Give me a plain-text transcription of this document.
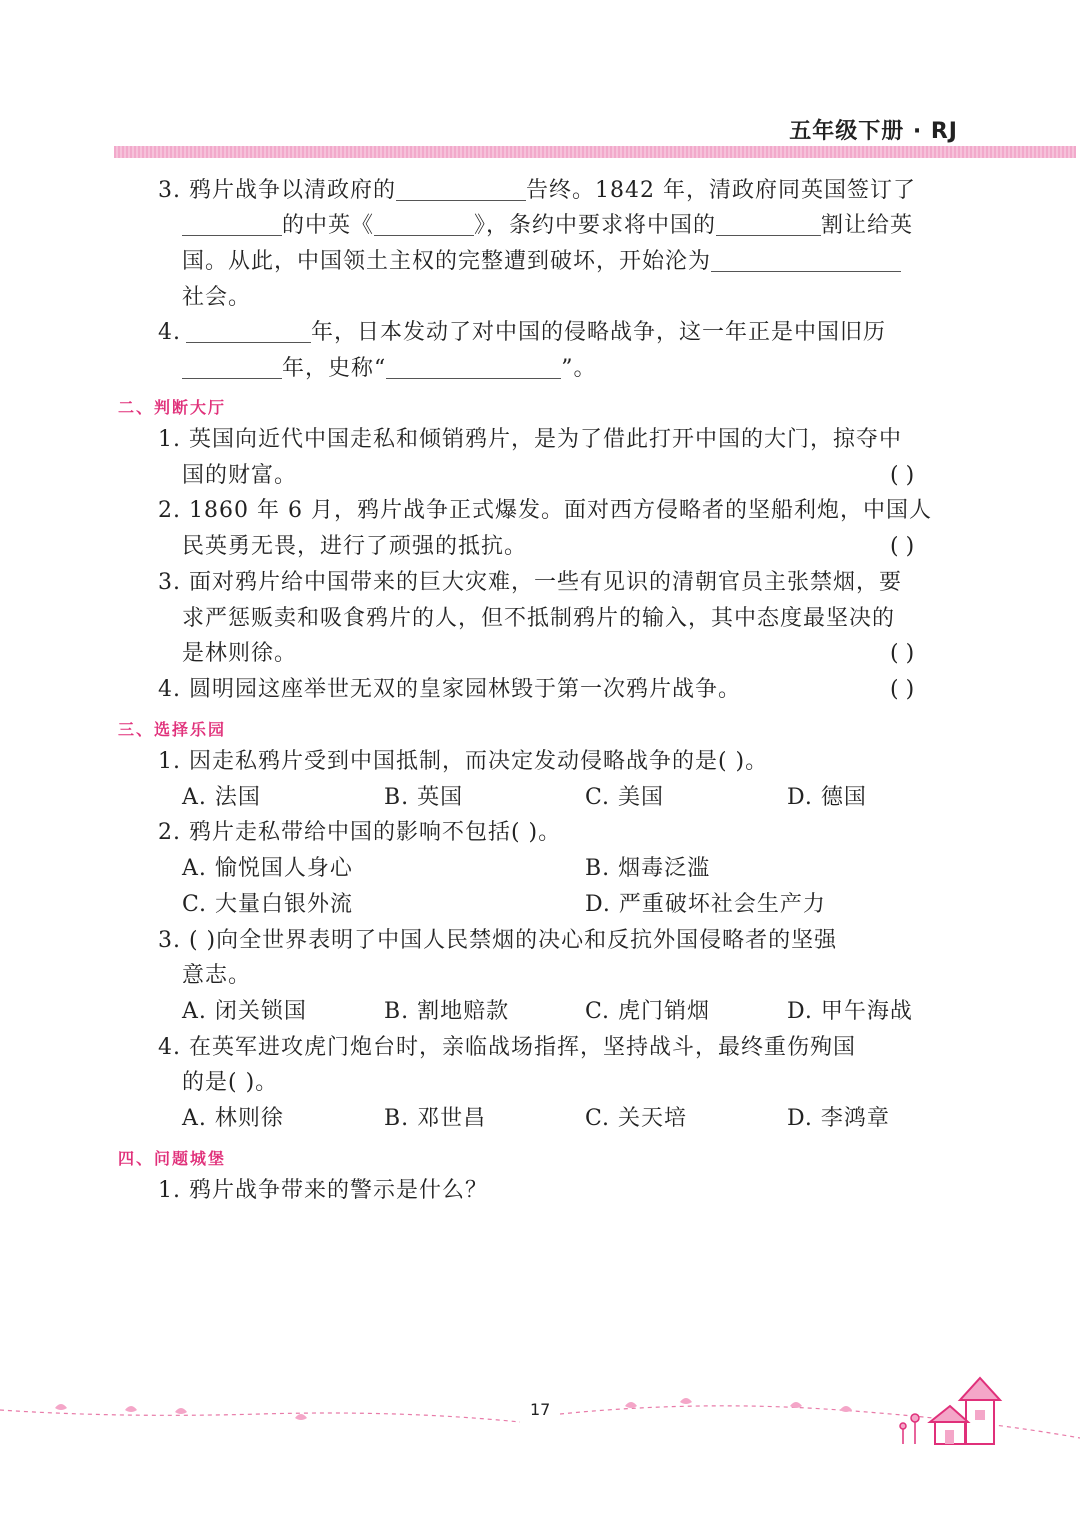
五年级下册 · RJ
3. 鸦片战争以清政府的	告终。1842 年，清政府同英国签订了
的中英《	》，条约中要求将中国的	割让给英
国。从此，中国领土主权的完整遭到破坏，开始沦为
社会。
4.	年，日本发动了对中国的侵略战争，这一年正是中国旧历
年，史称“	”。
二、判断大厅
1. 英国向近代中国走私和倾销鸦片，是为了借此打开中国的大门，掠夺中
国的财富。	( )
2. 1860 年 6 月，鸦片战争正式爆发。面对西方侵略者的坚船利炮，中国人
民英勇无畏，进行了顽强的抵抗。	( )
3. 面对鸦片给中国带来的巨大灾难，一些有见识的清朝官员主张禁烟，要
求严惩贩卖和吸食鸦片的人，但不抵制鸦片的输入，其中态度最坚决的
是林则徐。	( )
4. 圆明园这座举世无双的皇家园林毁于第一次鸦片战争。	( )
三、选择乐园
1. 因走私鸦片受到中国抵制，而决定发动侵略战争的是( )。
A. 法国	B. 英国	C. 美国	D. 德国
2. 鸦片走私带给中国的影响不包括( )。
A. 愉悦国人身心	B. 烟毒泛滥
C. 大量白银外流	D. 严重破坏社会生产力
3. ( )向全世界表明了中国人民禁烟的决心和反抗外国侵略者的坚强
意志。
A. 闭关锁国	B. 割地赔款	C. 虎门销烟	D. 甲午海战
4. 在英军进攻虎门炮台时，亲临战场指挥，坚持战斗，最终重伤殉国
的是( )。
A. 林则徐	B. 邓世昌	C. 关天培	D. 李鸿章
四、问题城堡
1. 鸦片战争带来的警示是什么？
17
